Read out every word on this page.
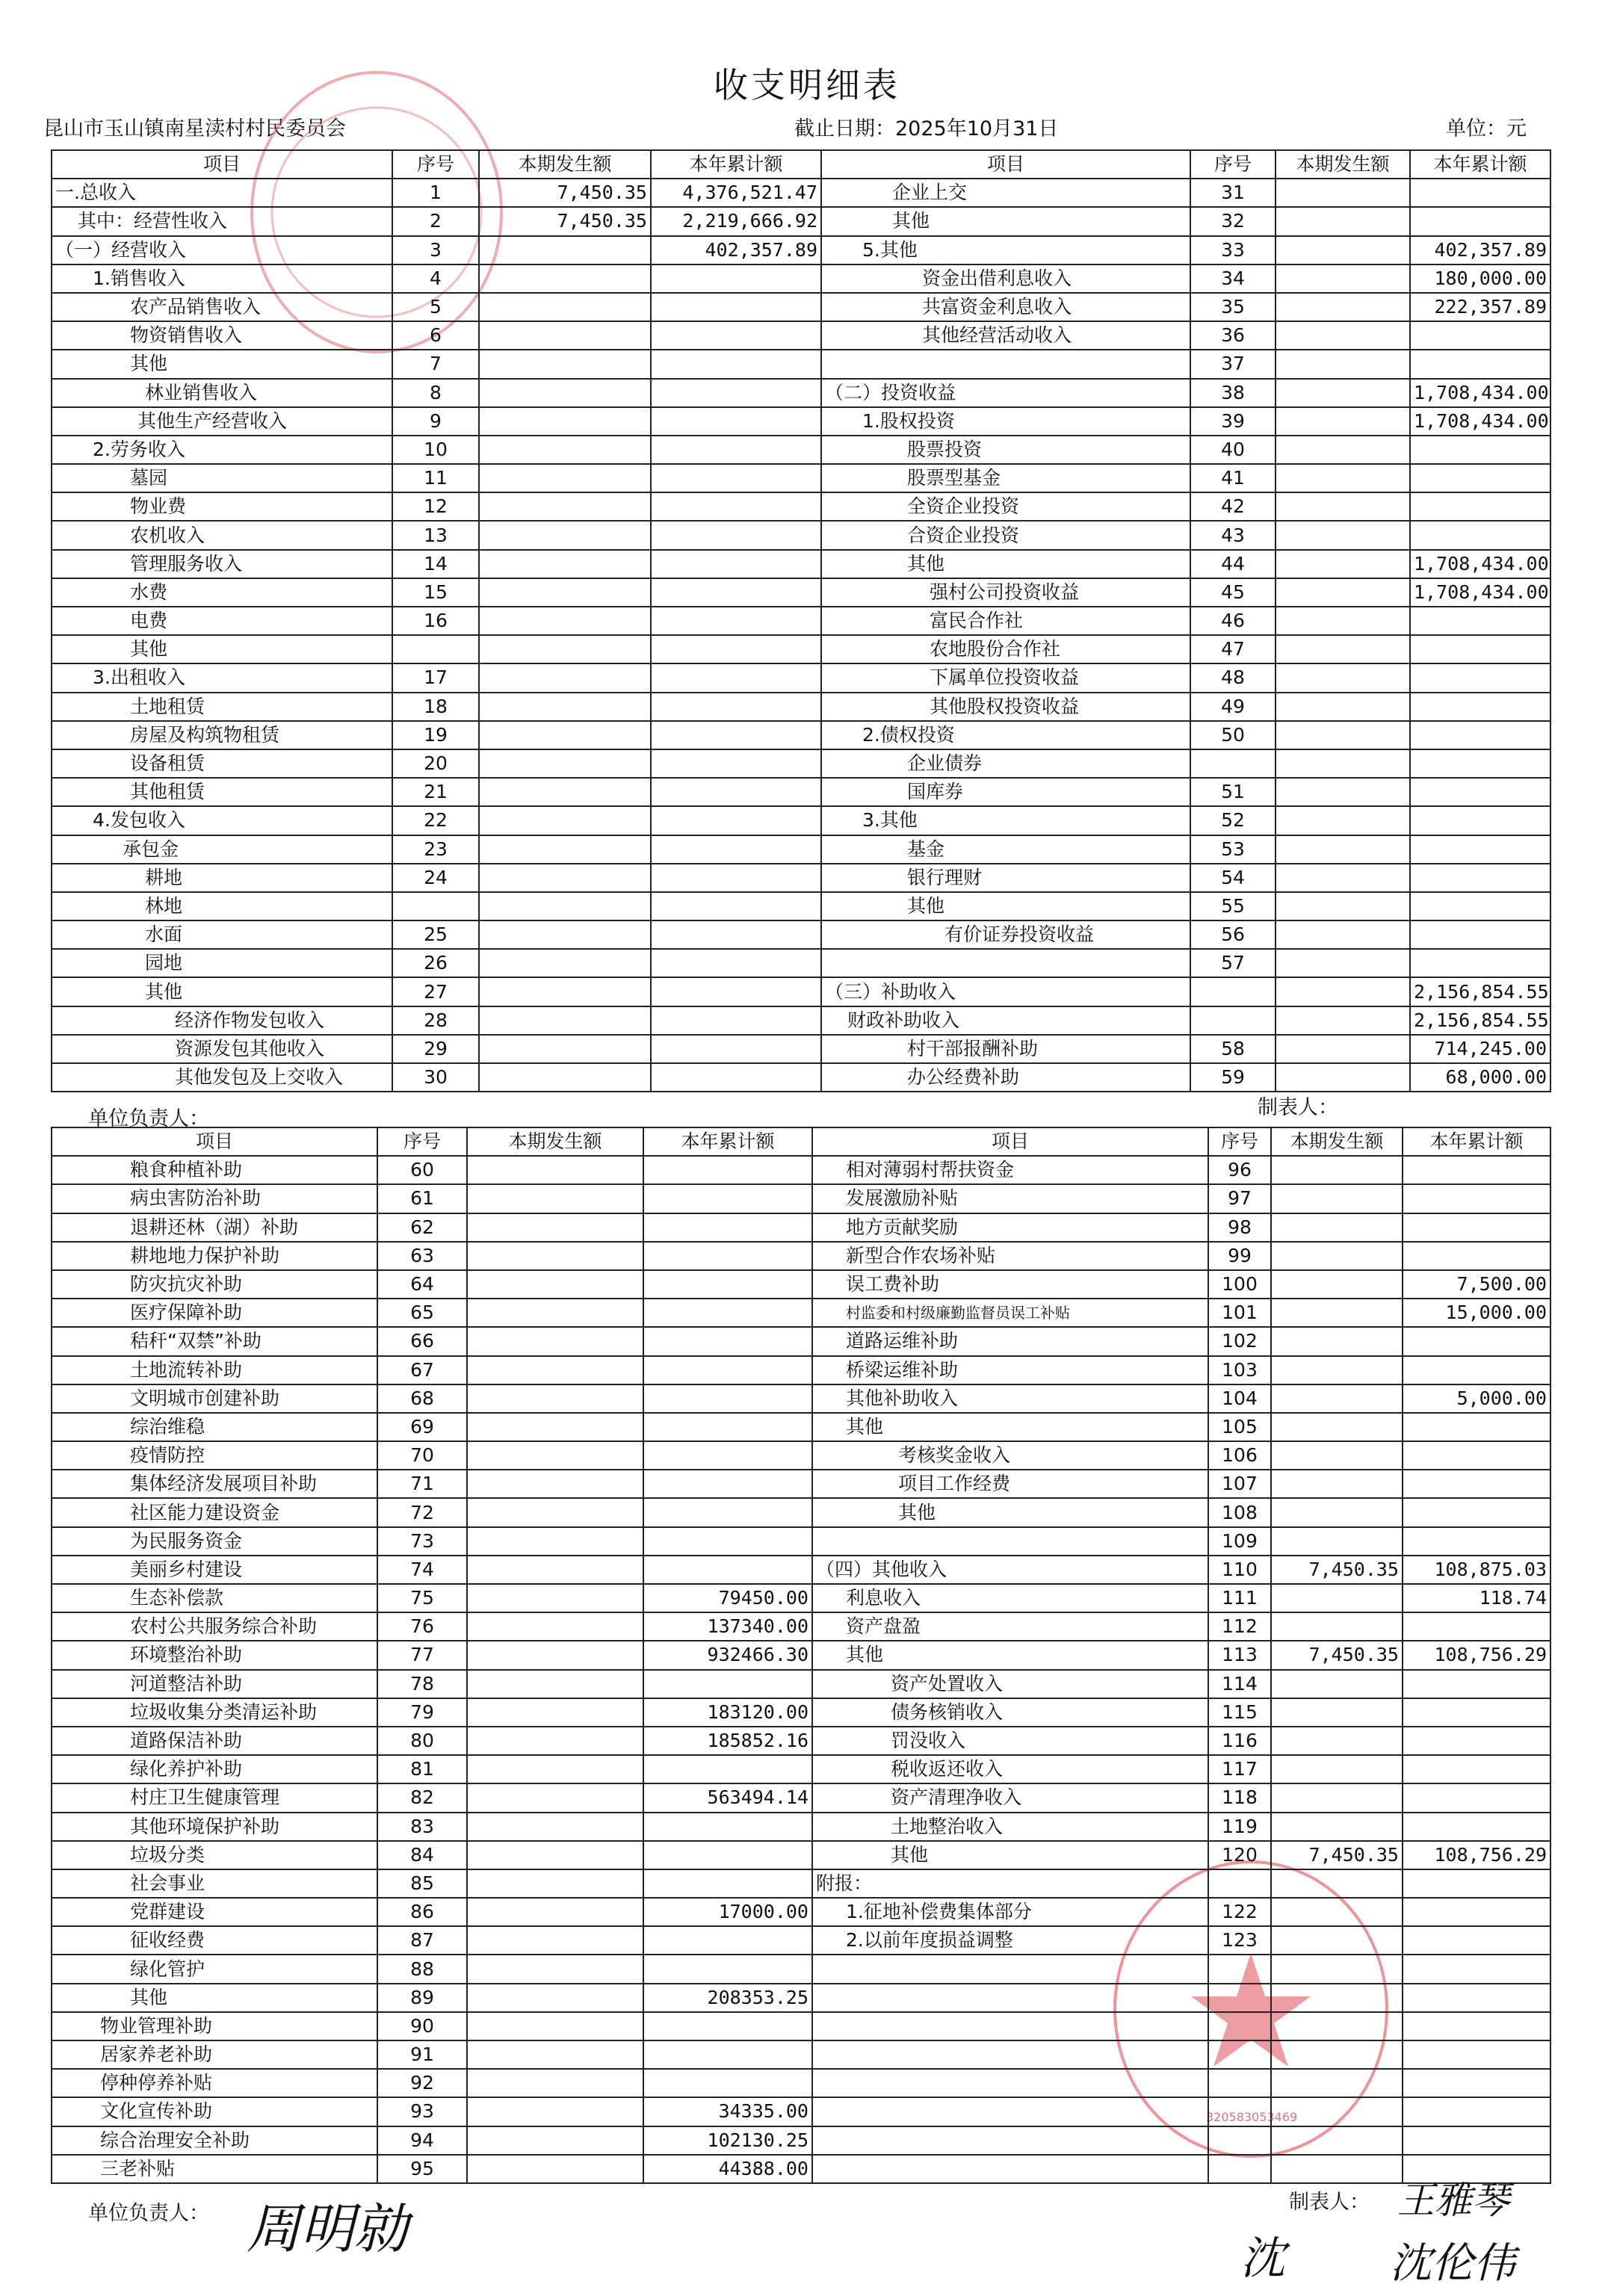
收支明细表
昆山市玉山镇南星渎村村民委员会	截止日期：2025年10月31日	单位：元
320583053469
项目	序号	本期发生额	本年累计额	项目	序号	本期发生额	本年累计额
一.总收入	1	7,450.35	4,376,521.47	企业上交	31		
其中：经营性收入	2	7,450.35	2,219,666.92	其他	32		
（一）经营收入	3		402,357.89	5.其他	33		402,357.89
1.销售收入	4			资金出借利息收入	34		180,000.00
农产品销售收入	5			共富资金利息收入	35		222,357.89
物资销售收入	6			其他经营活动收入	36		
其他	7				37		
林业销售收入	8			（二）投资收益	38		1,708,434.00
其他生产经营收入	9			1.股权投资	39		1,708,434.00
2.劳务收入	10			股票投资	40		
墓园	11			股票型基金	41		
物业费	12			全资企业投资	42		
农机收入	13			合资企业投资	43		
管理服务收入	14			其他	44		1,708,434.00
水费	15			强村公司投资收益	45		1,708,434.00
电费	16			富民合作社	46		
其他				农地股份合作社	47		
3.出租收入	17			下属单位投资收益	48		
土地租赁	18			其他股权投资收益	49		
房屋及构筑物租赁	19			2.债权投资	50		
设备租赁	20			企业债券			
其他租赁	21			国库券	51		
4.发包收入	22			3.其他	52		
承包金	23			基金	53		
耕地	24			银行理财	54		
林地				其他	55		
水面	25			有价证券投资收益	56		
园地	26				57		
其他	27			（三）补助收入			2,156,854.55
经济作物发包收入	28			财政补助收入			2,156,854.55
资源发包其他收入	29			村干部报酬补助	58		714,245.00
其他发包及上交收入	30			办公经费补助	59		68,000.00
单位负责人：	制表人：
项目	序号	本期发生额	本年累计额	项目	序号	本期发生额	本年累计额
粮食种植补助	60			相对薄弱村帮扶资金	96		
病虫害防治补助	61			发展激励补贴	97		
退耕还林（湖）补助	62			地方贡献奖励	98		
耕地地力保护补助	63			新型合作农场补贴	99		
防灾抗灾补助	64			误工费补助	100		7,500.00
医疗保障补助	65			村监委和村级廉勤监督员误工补贴	101		15,000.00
秸秆“双禁”补助	66			道路运维补助	102		
土地流转补助	67			桥梁运维补助	103		
文明城市创建补助	68			其他补助收入	104		5,000.00
综治维稳	69			其他	105		
疫情防控	70			考核奖金收入	106		
集体经济发展项目补助	71			项目工作经费	107		
社区能力建设资金	72			其他	108		
为民服务资金	73				109		
美丽乡村建设	74			（四）其他收入	110	7,450.35	108,875.03
生态补偿款	75		79450.00	利息收入	111		118.74
农村公共服务综合补助	76		137340.00	资产盘盈	112		
环境整治补助	77		932466.30	其他	113	7,450.35	108,756.29
河道整洁补助	78			资产处置收入	114		
垃圾收集分类清运补助	79		183120.00	债务核销收入	115		
道路保洁补助	80		185852.16	罚没收入	116		
绿化养护补助	81			税收返还收入	117		
村庄卫生健康管理	82		563494.14	资产清理净收入	118		
其他环境保护补助	83			土地整治收入	119		
垃圾分类	84			其他	120	7,450.35	108,756.29
社会事业	85			附报：			
党群建设	86		17000.00	1.征地补偿费集体部分	122		
征收经费	87			2.以前年度损益调整	123		
绿化管护	88						
其他	89		208353.25				
物业管理补助	90						
居家养老补助	91						
停种停养补贴	92						
文化宣传补助	93		34335.00				
综合治理安全补助	94		102130.25				
三老补贴	95		44388.00				
单位负责人： 周明勍	制表人： 王雅琴
沈	沈伦伟
